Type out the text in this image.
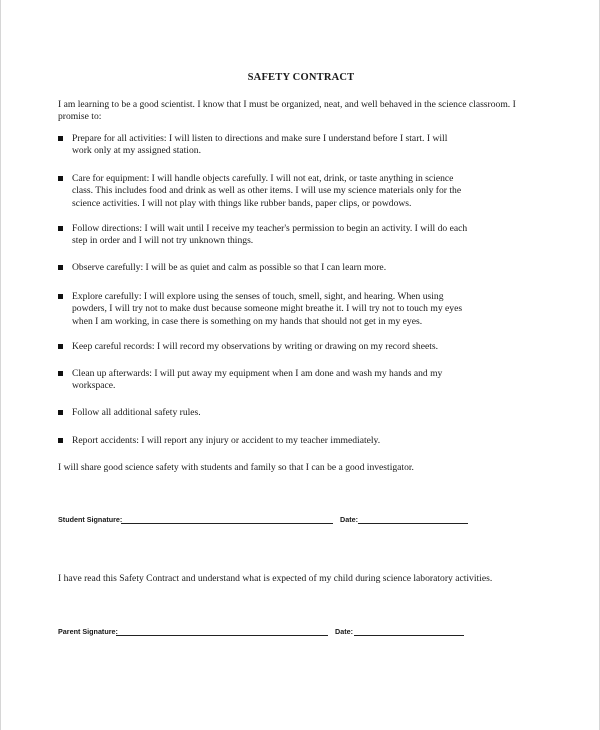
SAFETY CONTRACT
I am learning to be a good scientist. I know that I must be organized, neat, and well behaved in the science classroom. I promise to:
Prepare for all activities: I will listen to directions and make sure I understand before I start. I will
work only at my assigned station.
Care for equipment: I will handle objects carefully. I will not eat, drink, or taste anything in science
class. This includes food and drink as well as other items. I will use my science materials only for the
science activities. I will not play with things like rubber bands, paper clips, or powdows.
Follow directions: I will wait until I receive my teacher's permission to begin an activity. I will do each
step in order and I will not try unknown things.
Observe carefully: I will be as quiet and calm as possible so that I can learn more.
Explore carefully: I will explore using the senses of touch, smell, sight, and hearing. When using
powders, I will try not to make dust because someone might breathe it. I will try not to touch my eyes
when I am working, in case there is something on my hands that should not get in my eyes.
Keep careful records: I will record my observations by writing or drawing on my record sheets.
Clean up afterwards: I will put away my equipment when I am done and wash my hands and my
workspace.
Follow all additional safety rules.
Report accidents: I will report any injury or accident to my teacher immediately.
I will share good science safety with students and family so that I can be a good investigator.
Student Signature:	Date:
I have read this Safety Contract and understand what is expected of my child during science laboratory activities.
Parent Signature:	Date:
